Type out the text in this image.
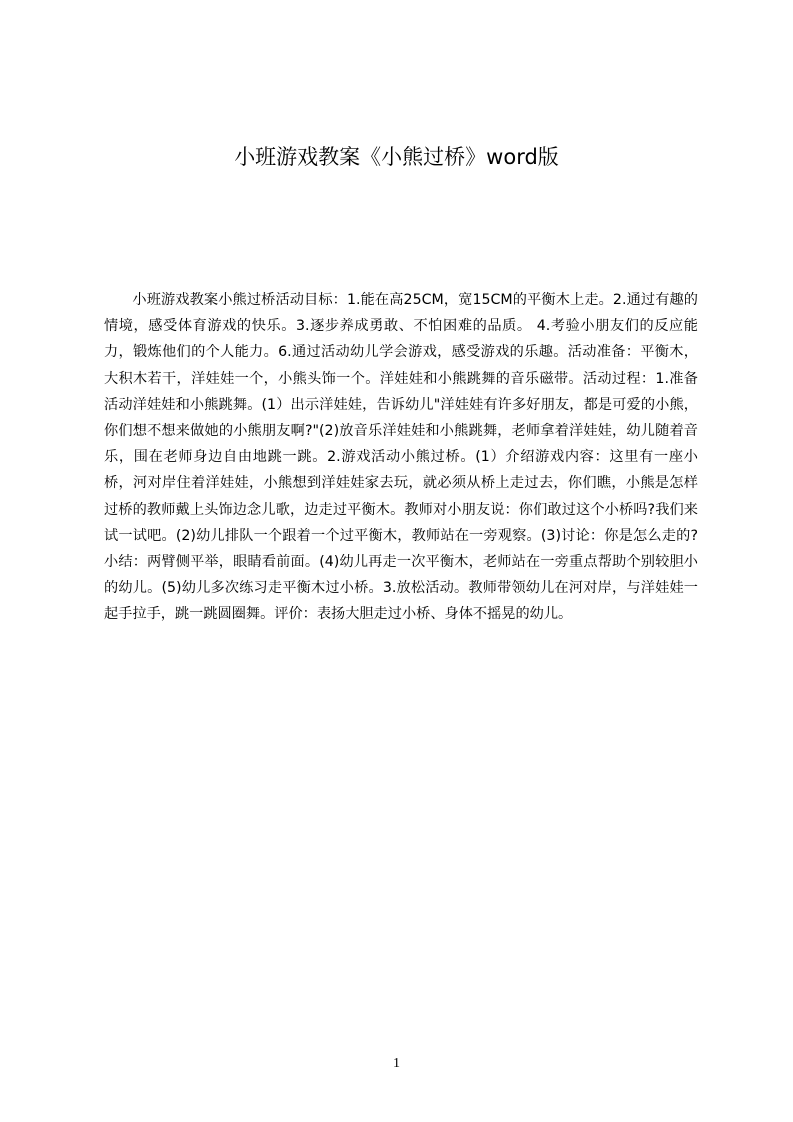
小班游戏教案《小熊过桥》word版

小班游戏教案小熊过桥活动目标：1.能在高25CM，宽15CM的平衡木上走。2.通过有趣的情境，感受体育游戏的快乐。3.逐步养成勇敢、不怕困难的品质。 4.考验小朋友们的反应能力，锻炼他们的个人能力。6.通过活动幼儿学会游戏，感受游戏的乐趣。活动准备：平衡木，大积木若干，洋娃娃一个，小熊头饰一个。洋娃娃和小熊跳舞的音乐磁带。活动过程：1.准备活动洋娃娃和小熊跳舞。(1）出示洋娃娃，告诉幼儿"洋娃娃有许多好朋友，都是可爱的小熊，你们想不想来做她的小熊朋友啊?"(2)放音乐洋娃娃和小熊跳舞，老师拿着洋娃娃，幼儿随着音乐，围在老师身边自由地跳一跳。2.游戏活动小熊过桥。(1）介绍游戏内容：这里有一座小桥，河对岸住着洋娃娃，小熊想到洋娃娃家去玩，就必须从桥上走过去，你们瞧，小熊是怎样过桥的教师戴上头饰边念儿歌，边走过平衡木。教师对小朋友说：你们敢过这个小桥吗?我们来试一试吧。(2)幼儿排队一个跟着一个过平衡木，教师站在一旁观察。(3)讨论：你是怎么走的?小结：两臂侧平举，眼睛看前面。(4)幼儿再走一次平衡木，老师站在一旁重点帮助个别较胆小的幼儿。(5)幼儿多次练习走平衡木过小桥。3.放松活动。教师带领幼儿在河对岸，与洋娃娃一起手拉手，跳一跳圆圈舞。评价：表扬大胆走过小桥、身体不摇晃的幼儿。

1
